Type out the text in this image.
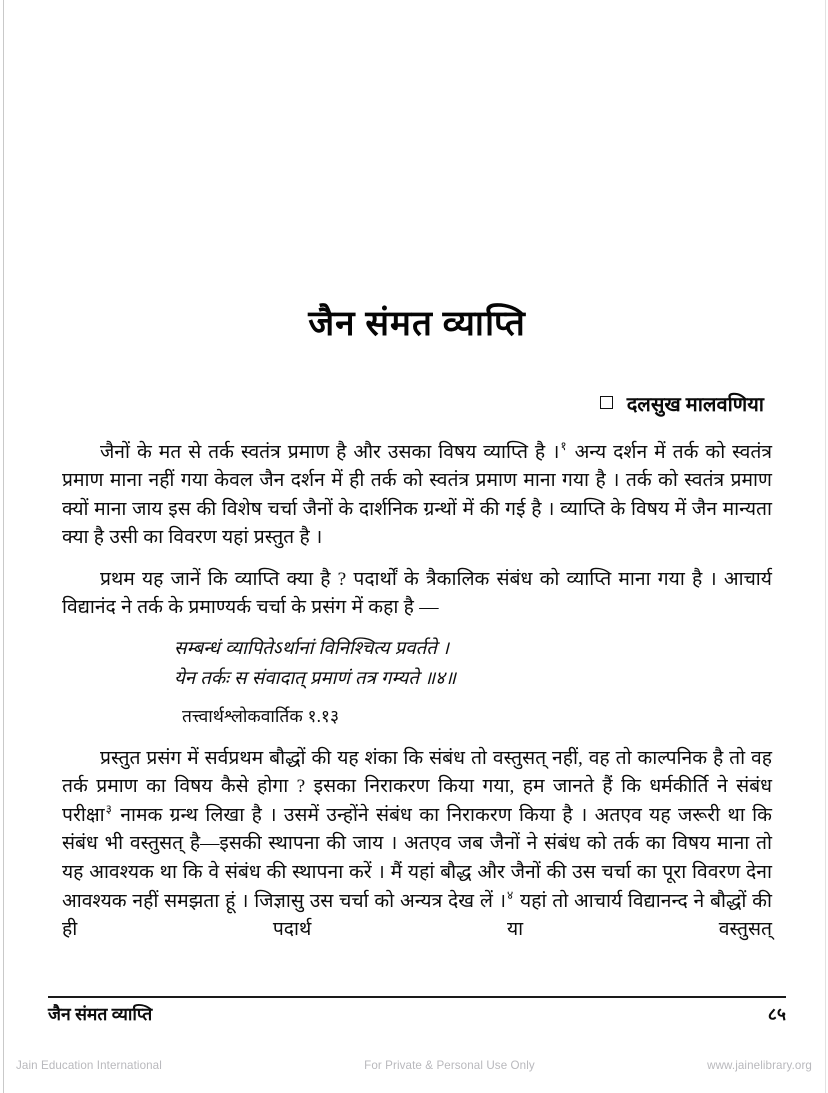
जैन संमत व्याप्ति
दलसुख मालवणिया

जैनों के मत से तर्क स्वतंत्र प्रमाण है और उसका विषय व्याप्ति है ।$^१$ अन्य दर्शन में तर्क को स्वतंत्र प्रमाण माना नहीं गया केवल जैन दर्शन में ही तर्क को स्वतंत्र प्रमाण माना गया है । तर्क को स्वतंत्र प्रमाण क्यों माना जाय इस की विशेष चर्चा जैनों के दार्शनिक ग्रन्थों में की गई है । व्याप्ति के विषय में जैन मान्यता क्या है उसी का विवरण यहां प्रस्तुत है ।

प्रथम यह जानें कि व्याप्ति क्या है ? पदार्थों के त्रैकालिक संबंध को व्याप्ति माना गया है । आचार्य विद्यानंद ने तर्क के प्रमाण्यर्क चर्चा के प्रसंग में कहा है —

सम्बन्धं व्यापितेऽर्थानां विनिश्चित्य प्रवर्तते ।
येन तर्कः स संवादात् प्रमाणं तत्र गम्यते ॥४॥
तत्त्वार्थश्लोकवार्तिक १.१३

प्रस्तुत प्रसंग में सर्वप्रथम बौद्धों की यह शंका कि संबंध तो वस्तुसत् नहीं, वह तो काल्पनिक है तो वह तर्क प्रमाण का विषय कैसे होगा ? इसका निराकरण किया गया, हम जानते हैं कि धर्मकीर्ति ने संबंध परीक्षा$^३$ नामक ग्रन्थ लिखा है । उसमें उन्होंने संबंध का निराकरण किया है । अतएव यह जरूरी था कि संबंध भी वस्तुसत् है—इसकी स्थापना की जाय । अतएव जब जैनों ने संबंध को तर्क का विषय माना तो यह आवश्यक था कि वे संबंध की स्थापना करें । मैं यहां बौद्ध और जैनों की उस चर्चा का पूरा विवरण देना आवश्यक नहीं समझता हूं । जिज्ञासु उस चर्चा को अन्यत्र देख लें ।$^४$ यहां तो आचार्य विद्यानन्द ने बौद्धों की ही पदार्थ या वस्तुसत्

जैन संमत व्याप्ति	८५
Jain Education International	For Private & Personal Use Only	www.jainelibrary.org
